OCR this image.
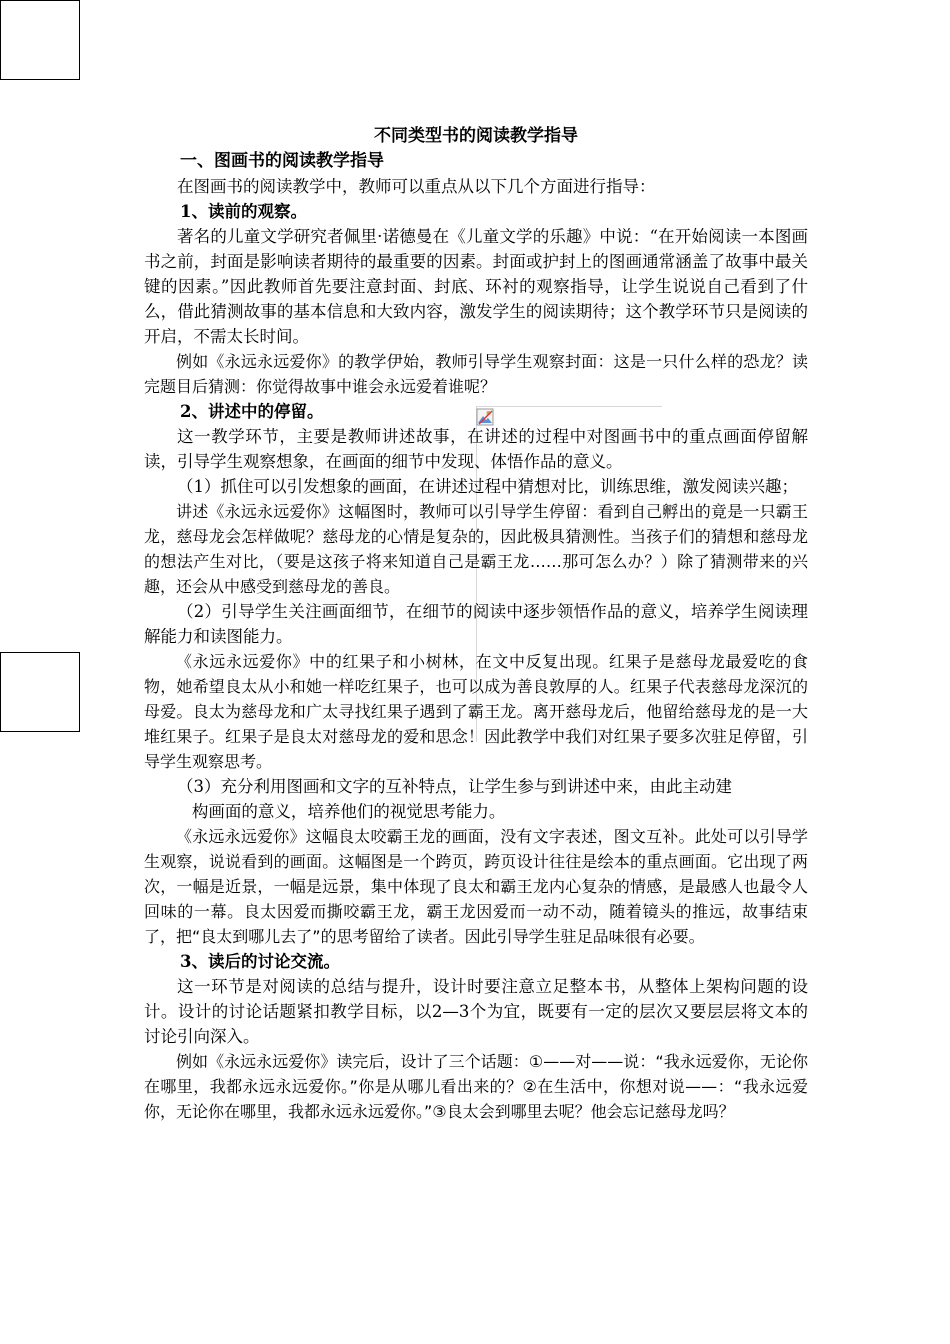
不同类型书的阅读教学指导

一、图画书的阅读教学指导

在图画书的阅读教学中，教师可以重点从以下几个方面进行指导：

1、读前的观察。

著名的儿童文学研究者佩里·诺德曼在《儿童文学的乐趣》中说：“在开始阅读一本图画书之前，封面是影响读者期待的最重要的因素。封面或护封上的图画通常涵盖了故事中最关键的因素。”因此教师首先要注意封面、封底、环衬的观察指导，让学生说说自己看到了什么，借此猜测故事的基本信息和大致内容，激发学生的阅读期待；这个教学环节只是阅读的开启，不需太长时间。

例如《永远永远爱你》的教学伊始，教师引导学生观察封面：这是一只什么样的恐龙？读完题目后猜测：你觉得故事中谁会永远爱着谁呢？

2、讲述中的停留。

这一教学环节，主要是教师讲述故事，在讲述的过程中对图画书中的重点画面停留解读，引导学生观察想象，在画面的细节中发现、体悟作品的意义。

（1）抓住可以引发想象的画面，在讲述过程中猜想对比，训练思维，激发阅读兴趣；

讲述《永远永远爱你》这幅图时，教师可以引导学生停留：看到自己孵出的竟是一只霸王龙，慈母龙会怎样做呢？慈母龙的心情是复杂的，因此极具猜测性。当孩子们的猜想和慈母龙的想法产生对比，（要是这孩子将来知道自己是霸王龙……那可怎么办？）除了猜测带来的兴趣，还会从中感受到慈母龙的善良。

（2）引导学生关注画面细节，在细节的阅读中逐步领悟作品的意义，培养学生阅读理解能力和读图能力。

《永远永远爱你》中的红果子和小树林，在文中反复出现。红果子是慈母龙最爱吃的食物，她希望良太从小和她一样吃红果子，也可以成为善良敦厚的人。红果子代表慈母龙深沉的母爱。良太为慈母龙和广太寻找红果子遇到了霸王龙。离开慈母龙后，他留给慈母龙的是一大堆红果子。红果子是良太对慈母龙的爱和思念！因此教学中我们对红果子要多次驻足停留，引导学生观察思考。

（3）充分利用图画和文字的互补特点，让学生参与到讲述中来，由此主动建

构画面的意义，培养他们的视觉思考能力。

《永远永远爱你》这幅良太咬霸王龙的画面，没有文字表述，图文互补。此处可以引导学生观察，说说看到的画面。这幅图是一个跨页，跨页设计往往是绘本的重点画面。它出现了两次，一幅是近景，一幅是远景，集中体现了良太和霸王龙内心复杂的情感，是最感人也最令人回味的一幕。良太因爱而撕咬霸王龙，霸王龙因爱而一动不动，随着镜头的推远，故事结束了，把“良太到哪儿去了”的思考留给了读者。因此引导学生驻足品味很有必要。

3、读后的讨论交流。

这一环节是对阅读的总结与提升，设计时要注意立足整本书，从整体上架构问题的设计。设计的讨论话题紧扣教学目标，以2—3个为宜，既要有一定的层次又要层层将文本的讨论引向深入。

例如《永远永远爱你》读完后，设计了三个话题：①——对——说：“我永远爱你，无论你在哪里，我都永远永远爱你。”你是从哪儿看出来的？②在生活中，你想对说——：“我永远爱你，无论你在哪里，我都永远永远爱你。”③良太会到哪里去呢？他会忘记慈母龙吗？
